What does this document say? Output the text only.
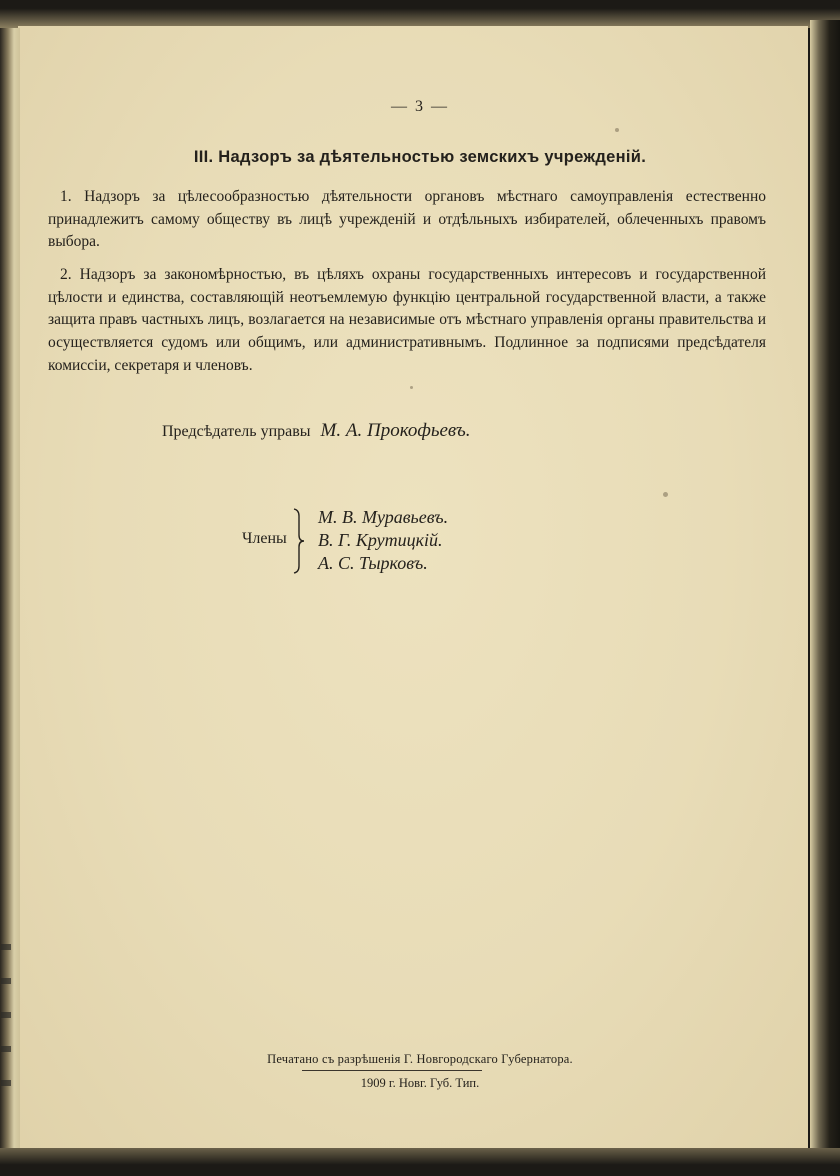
— 3 —
III. Надзоръ за дѣятельностью земскихъ учрежденій.
1. Надзоръ за цѣлесообразностью дѣятельности органовъ мѣстнаго самоуправленія естественно принадлежитъ самому обществу въ лицѣ учрежденій и отдѣльныхъ избирателей, облеченныхъ правомъ выбора.
2. Надзоръ за закономѣрностью, въ цѣляхъ охраны государственныхъ интересовъ и государственной цѣлости и единства, составляющій неотъемлемую функцію центральной государственной власти, а также защита правъ частныхъ лицъ, возлагается на независимые отъ мѣстнаго управленія органы правительства и осуществляется судомъ или общимъ, или административнымъ. Подлинное за подписями предсѣдателя комиссіи, секретаря и членовъ.
Предсѣдатель управы М. А. Прокофьевъ.
Члены
М. В. Муравьевъ.
В. Г. Крутицкій.
А. С. Тырковъ.
Печатано съ разрѣшенія Г. Новгородскаго Губернатора.
1909 г. Новг. Губ. Тип.
